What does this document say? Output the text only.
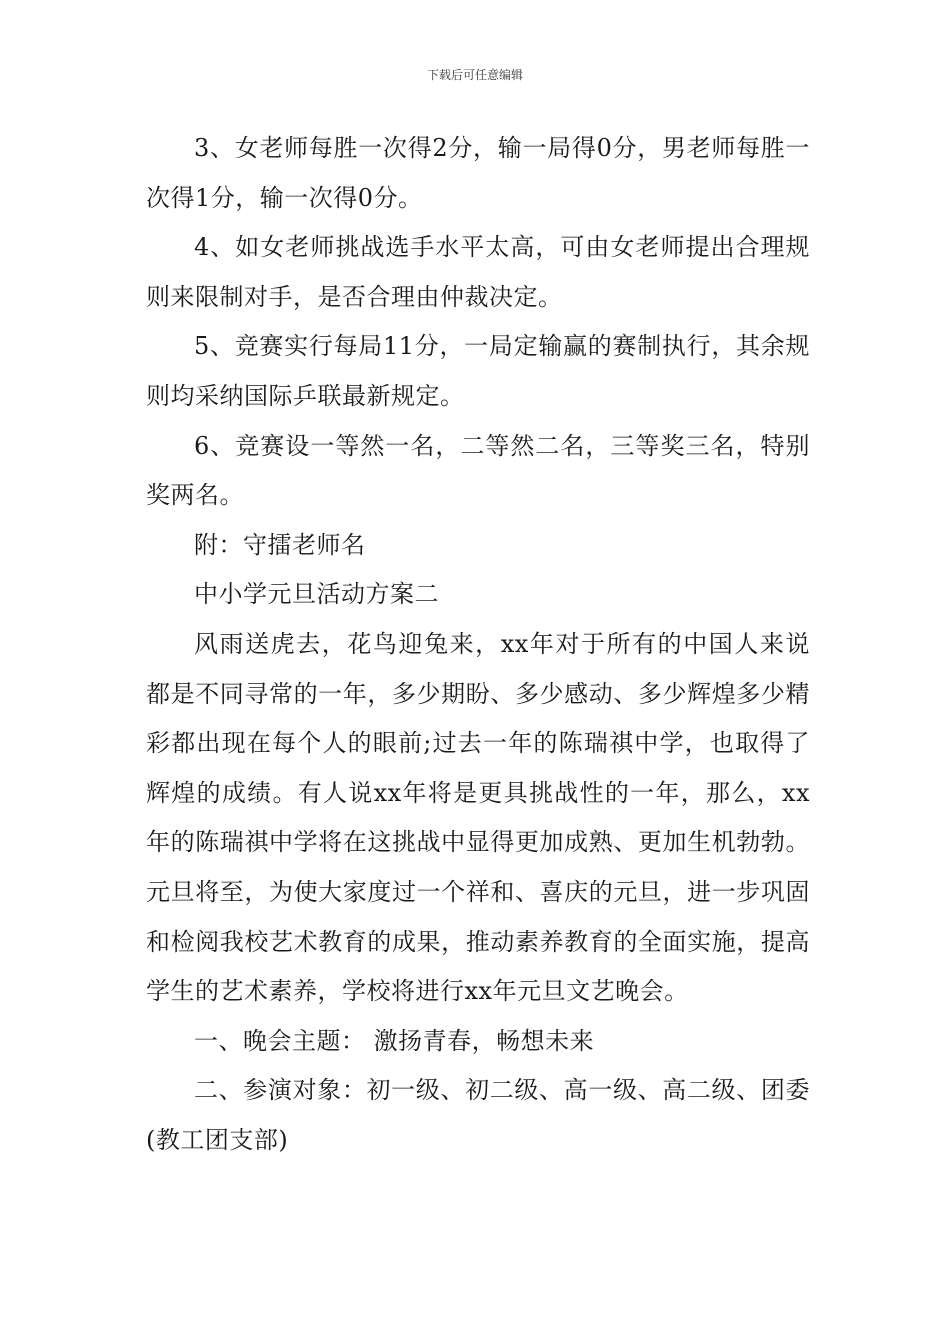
下载后可任意编辑

3、女老师每胜一次得2分，输一局得0分，男老师每胜一次得1分，输一次得0分。

4、如女老师挑战选手水平太高，可由女老师提出合理规则来限制对手，是否合理由仲裁决定。

5、竞赛实行每局11分，一局定输赢的赛制执行，其余规则均采纳国际乒联最新规定。

6、竞赛设一等然一名，二等然二名，三等奖三名，特别奖两名。

附：守擂老师名

中小学元旦活动方案二

风雨送虎去，花鸟迎兔来，xx年对于所有的中国人来说都是不同寻常的一年，多少期盼、多少感动、多少辉煌多少精彩都出现在每个人的眼前;过去一年的陈瑞祺中学，也取得了辉煌的成绩。有人说xx年将是更具挑战性的一年，那么，xx年的陈瑞祺中学将在这挑战中显得更加成熟、更加生机勃勃。元旦将至，为使大家度过一个祥和、喜庆的元旦，进一步巩固和检阅我校艺术教育的成果，推动素养教育的全面实施，提高学生的艺术素养，学校将进行xx年元旦文艺晚会。

一、晚会主题： 激扬青春，畅想未来

二、参演对象：初一级、初二级、高一级、高二级、团委(教工团支部)
